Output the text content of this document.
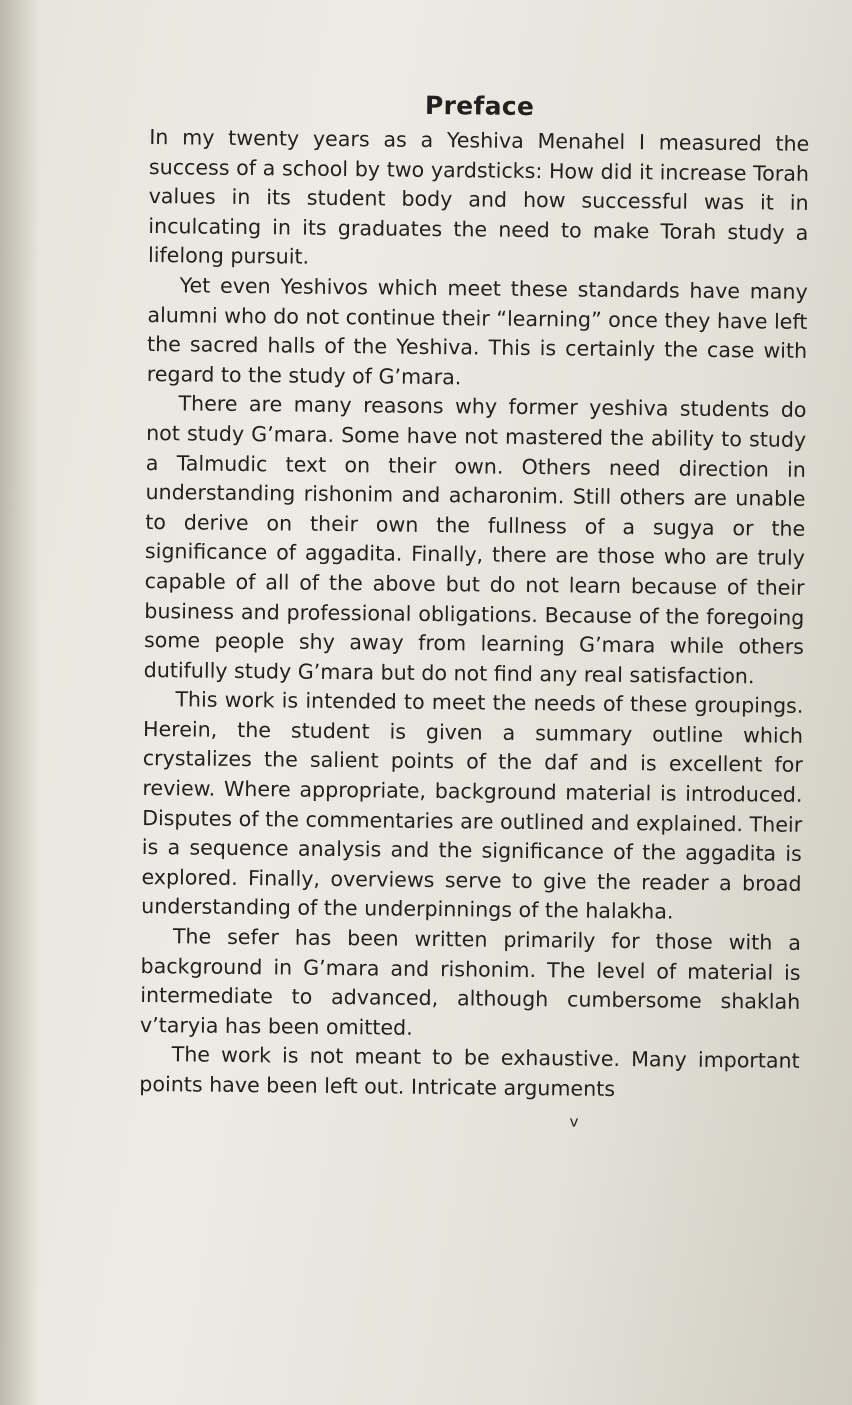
Preface

In my twenty years as a Yeshiva Menahel I measured the success of a school by two yardsticks: How did it increase Torah values in its student body and how successful was it in inculcating in its graduates the need to make Torah study a lifelong pursuit.

Yet even Yeshivos which meet these standards have many alumni who do not continue their “learning” once they have left the sacred halls of the Yeshiva. This is certainly the case with regard to the study of G’mara.

There are many reasons why former yeshiva students do not study G’mara. Some have not mastered the ability to study a Talmudic text on their own. Others need direction in understanding rishonim and acharonim. Still others are unable to derive on their own the fullness of a sugya or the significance of aggadita. Finally, there are those who are truly capable of all of the above but do not learn because of their business and professional obligations. Because of the foregoing some people shy away from learning G’mara while others dutifully study G’mara but do not find any real satisfaction.

This work is intended to meet the needs of these groupings. Herein, the student is given a summary outline which crystalizes the salient points of the daf and is excellent for review. Where appropriate, background material is introduced. Disputes of the commentaries are outlined and explained. Their is a sequence analysis and the significance of the aggadita is explored. Finally, overviews serve to give the reader a broad understanding of the underpinnings of the halakha.

The sefer has been written primarily for those with a background in G’mara and rishonim. The level of material is intermediate to advanced, although cumbersome shaklah v’taryia has been omitted.

The work is not meant to be exhaustive. Many important points have been left out. Intricate arguments

v
